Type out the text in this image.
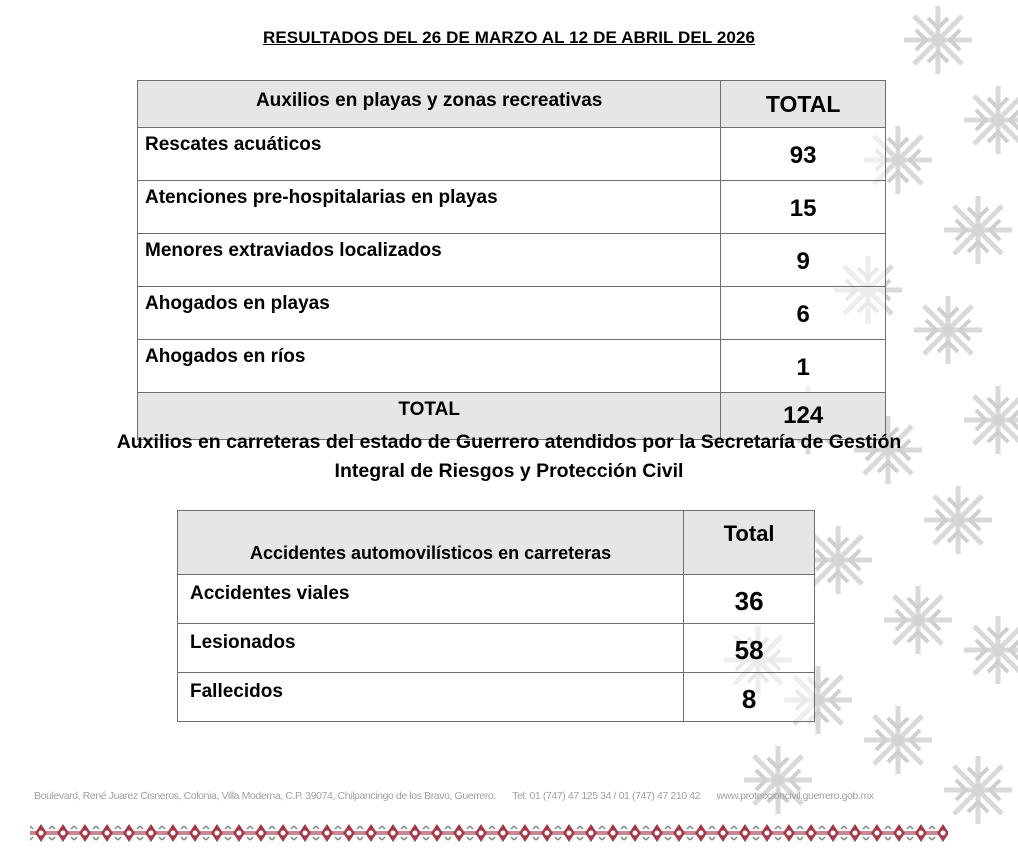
RESULTADOS DEL 26 DE MARZO AL 12 DE ABRIL DEL 2026
Auxilios en playas y zonas recreativas	TOTAL
Rescates acuáticos	93
Atenciones pre-hospitalarias en playas	15
Menores extraviados localizados	9
Ahogados en playas	6
Ahogados en ríos	1
TOTAL	124
Auxilios en carreteras del estado de Guerrero atendidos por la Secretaría de Gestión
Integral de Riesgos y Protección Civil
Accidentes automovilísticos en carreteras	Total
Accidentes viales	36
Lesionados	58
Fallecidos	8
Boulevard, René Juarez Cisneros, Colonia, Villa Moderna, C.P. 39074, Chilpancingo de los Bravo, Guerrero. Tel: 01 (747) 47 125 34 / 01 (747) 47 210 42 www.proteccioncivil.guerrero.gob.mx
